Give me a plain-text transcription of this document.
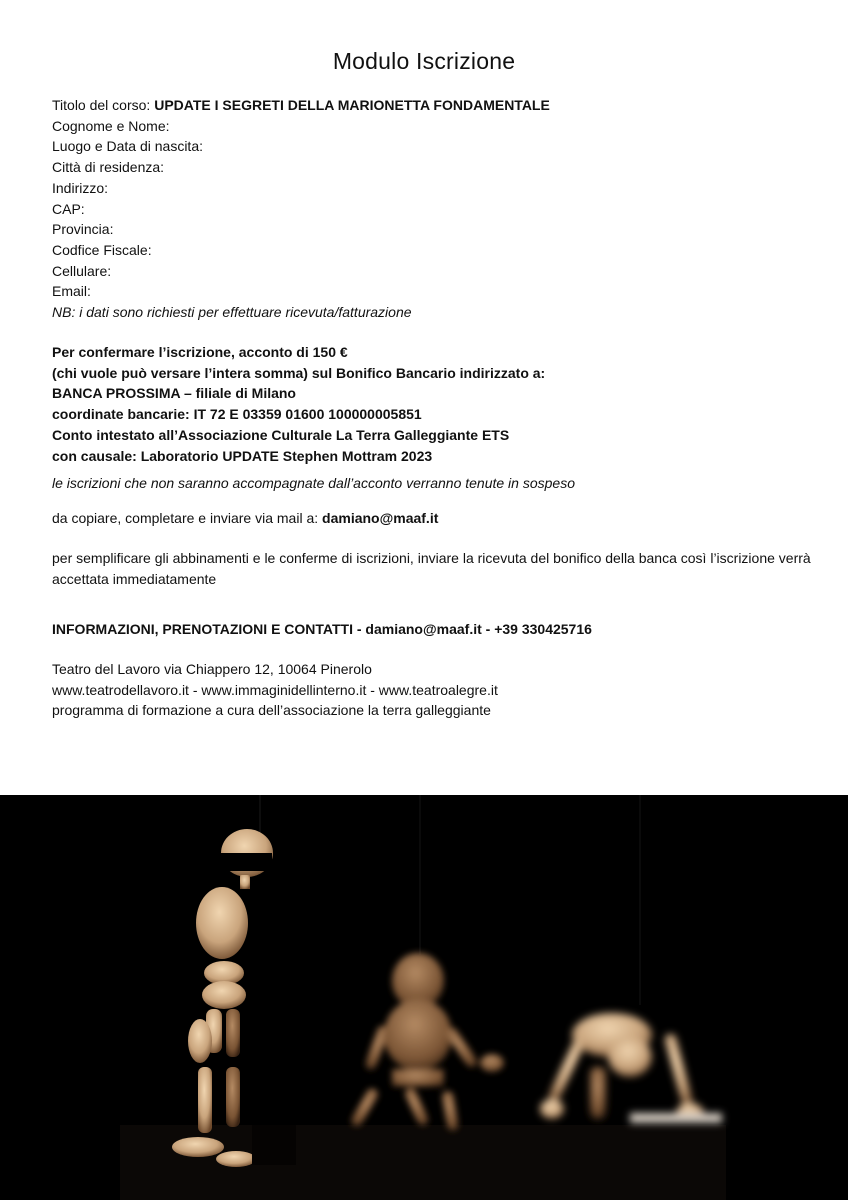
Modulo Iscrizione
Titolo del corso: UPDATE I SEGRETI DELLA MARIONETTA FONDAMENTALE
Cognome e Nome:
Luogo e Data di nascita:
Città di residenza:
Indirizzo:
CAP:
Provincia:
Codfice Fiscale:
Cellulare:
Email:
NB: i dati sono richiesti per effettuare ricevuta/fatturazione
Per confermare l’iscrizione, acconto di 150 €
(chi vuole può versare l’intera somma) sul Bonifico Bancario indirizzato a:
BANCA PROSSIMA – filiale di Milano
coordinate bancarie: IT 72 E 03359 01600 100000005851
Conto intestato all’Associazione Culturale La Terra Galleggiante ETS
con causale: Laboratorio UPDATE Stephen Mottram 2023
le iscrizioni che non saranno accompagnate dall’acconto verranno tenute in sospeso
da copiare, completare e inviare via mail a: damiano@maaf.it
per semplificare gli abbinamenti e le conferme di iscrizioni, inviare la ricevuta del bonifico della banca così l’iscrizione verrà accettata immediatamente
INFORMAZIONI, PRENOTAZIONI E CONTATTI - damiano@maaf.it - +39 330425716
Teatro del Lavoro via Chiappero 12, 10064 Pinerolo
www.teatrodellavoro.it - www.immaginidellinterno.it - www.teatroalegre.it
programma di formazione a cura dell’associazione la terra galleggiante
